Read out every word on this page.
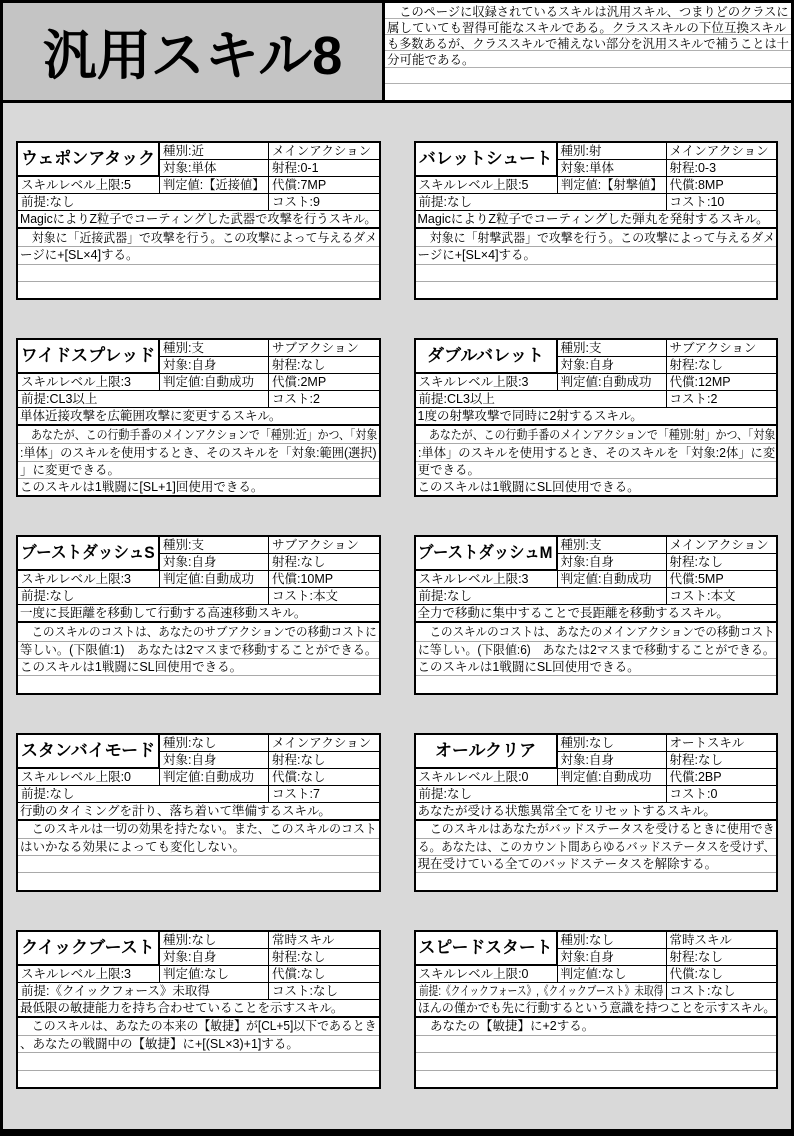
汎用スキル8
　このページに収録されているスキルは汎用スキル、つまりどのクラスに
属していても習得可能なスキルである。クラススキルの下位互換スキル
も多数あるが、クラススキルで補えない部分を汎用スキルで補うことは十
分可能である。
ウェポンアタック 種別:近	メインアクション
対象:単体	射程:0-1
スキルレベル上限:5	判定値:【近接値】 代償:7MP
前提:なし	コスト:9
MagicによりZ粒子でコーティングした武器で攻撃を行うスキル。
　対象に「近接武器」で攻撃を行う。この攻撃によって与えるダメ
ージに+[SL×4]する。
バレットシュート 種別:射	メインアクション
対象:単体	射程:0-3
スキルレベル上限:5	判定値:【射撃値】 代償:8MP
前提:なし	コスト:10
MagicによりZ粒子でコーティングした弾丸を発射するスキル。
　対象に「射撃武器」で攻撃を行う。この攻撃によって与えるダメ
ージに+[SL×4]する。
ワイドスプレッド 種別:支	サブアクション
対象:自身	射程:なし
スキルレベル上限:3	判定値:自動成功 代償:2MP
前提:CL3以上	コスト:2
単体近接攻撃を広範囲攻撃に変更するスキル。
　あなたが、この行動手番のメインアクションで「種別:近」かつ、「対象
:単体」のスキルを使用するとき、そのスキルを「対象:範囲(選択)
」に変更できる。
このスキルは1戦闘に[SL+1]回使用できる。
ダブルバレット 種別:支	サブアクション
対象:自身	射程:なし
スキルレベル上限:3	判定値:自動成功 代償:12MP
前提:CL3以上	コスト:2
1度の射撃攻撃で同時に2射するスキル。
　あなたが、この行動手番のメインアクションで「種別:射」かつ、「対象
:単体」のスキルを使用するとき、そのスキルを「対象:2体」に変
更できる。
このスキルは1戦闘にSL回使用できる。
ブーストダッシュS 種別:支	サブアクション
対象:自身	射程:なし
スキルレベル上限:3	判定値:自動成功 代償:10MP
前提:なし	コスト:本文
一度に長距離を移動して行動する高速移動スキル。
　このスキルのコストは、あなたのサブアクションでの移動コストに
等しい。(下限値:1)　あなたは2マスまで移動することができる。
このスキルは1戦闘にSL回使用できる。
ブーストダッシュM 種別:支	メインアクション
対象:自身	射程:なし
スキルレベル上限:3	判定値:自動成功 代償:5MP
前提:なし	コスト:本文
全力で移動に集中することで長距離を移動するスキル。
　このスキルのコストは、あなたのメインアクションでの移動コスト
に等しい。(下限値:6)　あなたは2マスまで移動することができる。
このスキルは1戦闘にSL回使用できる。
スタンバイモード 種別:なし	メインアクション
対象:自身	射程:なし
スキルレベル上限:0	判定値:自動成功 代償:なし
前提:なし	コスト:7
行動のタイミングを計り、落ち着いて準備するスキル。
　このスキルは一切の効果を持たない。また、このスキルのコスト
はいかなる効果によっても変化しない。
オールクリア 種別:なし	オートスキル
対象:自身	射程:なし
スキルレベル上限:0	判定値:自動成功 代償:2BP
前提:なし	コスト:0
あなたが受ける状態異常全てをリセットするスキル。
　このスキルはあなたがバッドステータスを受けるときに使用でき
る。あなたは、このカウント間あらゆるバッドステータスを受けず、
現在受けている全てのバッドステータスを解除する。
クイックブースト 種別:なし	常時スキル
対象:自身	射程:なし
スキルレベル上限:3	判定値:なし	代償:なし
前提:《クイックフォース》未取得	コスト:なし
最低限の敏捷能力を持ち合わせていることを示すスキル。
　このスキルは、あなたの本来の【敏捷】が[CL+5]以下であるとき
、あなたの戦闘中の【敏捷】に+[(SL×3)+1]する。
スピードスタート 種別:なし	常時スキル
対象:自身	射程:なし
スキルレベル上限:0	判定値:なし	代償:なし
前提:《クイックフォース》,《クイックブースト》未取得 コスト:なし
ほんの僅かでも先に行動するという意識を持つことを示すスキル。
　あなたの【敏捷】に+2する。
